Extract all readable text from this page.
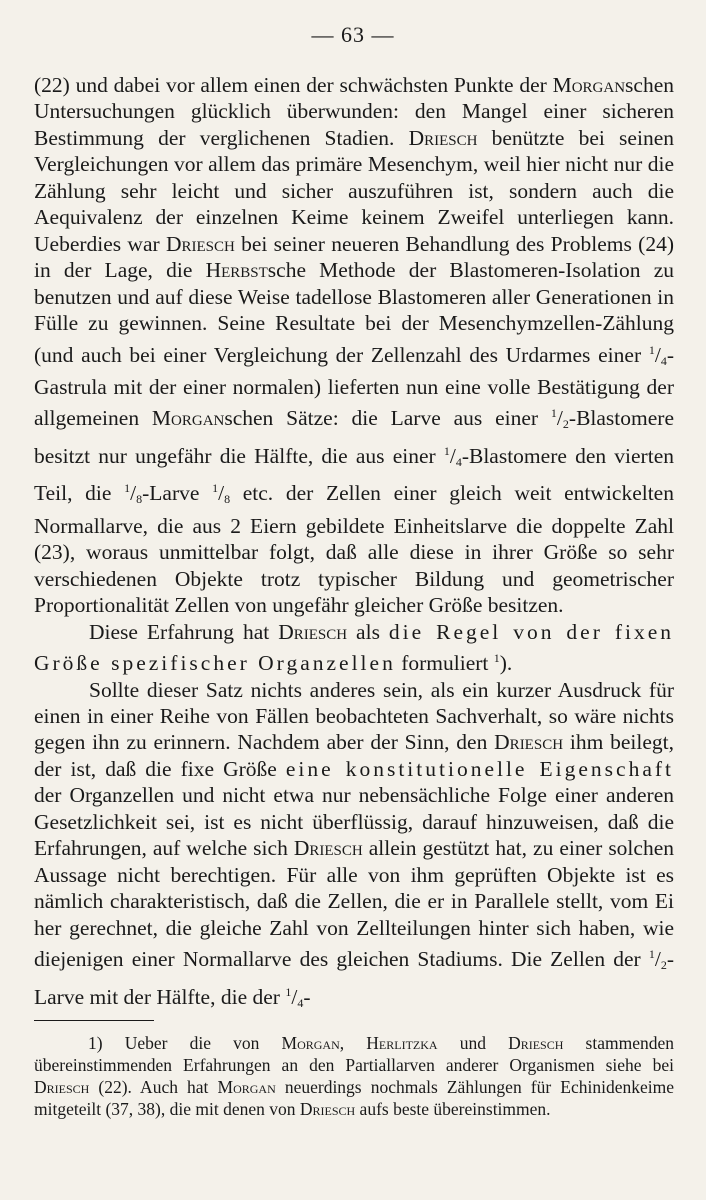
— 63 —

(22) und dabei vor allem einen der schwächsten Punkte der Morganschen Untersuchungen glücklich überwunden: den Mangel einer sicheren Bestimmung der verglichenen Stadien. Driesch benützte bei seinen Vergleichungen vor allem das primäre Mesenchym, weil hier nicht nur die Zählung sehr leicht und sicher auszuführen ist, sondern auch die Aequivalenz der einzelnen Keime keinem Zweifel unterliegen kann. Ueberdies war Driesch bei seiner neueren Behandlung des Problems (24) in der Lage, die Herbstsche Methode der Blastomeren-Isolation zu benutzen und auf diese Weise tadellose Blastomeren aller Generationen in Fülle zu gewinnen. Seine Resultate bei der Mesenchymzellen-Zählung (und auch bei einer Vergleichung der Zellenzahl des Urdarmes einer $^1/_4$-Gastrula mit der einer normalen) lieferten nun eine volle Bestätigung der allgemeinen Morganschen Sätze: die Larve aus einer $^1/_2$-Blastomere besitzt nur ungefähr die Hälfte, die aus einer $^1/_4$-Blastomere den vierten Teil, die $^1/_8$-Larve $^1/_8$ etc. der Zellen einer gleich weit entwickelten Normallarve, die aus 2 Eiern gebildete Einheitslarve die doppelte Zahl (23), woraus unmittelbar folgt, daß alle diese in ihrer Größe so sehr verschiedenen Objekte trotz typischer Bildung und geometrischer Proportionalität Zellen von ungefähr gleicher Größe besitzen.

Diese Erfahrung hat Driesch als die Regel von der fixen Größe spezifischer Organzellen formuliert $^1$).

Sollte dieser Satz nichts anderes sein, als ein kurzer Ausdruck für einen in einer Reihe von Fällen beobachteten Sachverhalt, so wäre nichts gegen ihn zu erinnern. Nachdem aber der Sinn, den Driesch ihm beilegt, der ist, daß die fixe Größe eine konstitutionelle Eigenschaft der Organzellen und nicht etwa nur nebensächliche Folge einer anderen Gesetzlichkeit sei, ist es nicht überflüssig, darauf hinzuweisen, daß die Erfahrungen, auf welche sich Driesch allein gestützt hat, zu einer solchen Aussage nicht berechtigen. Für alle von ihm geprüften Objekte ist es nämlich charakteristisch, daß die Zellen, die er in Parallele stellt, vom Ei her gerechnet, die gleiche Zahl von Zellteilungen hinter sich haben, wie diejenigen einer Normallarve des gleichen Stadiums. Die Zellen der $^1/_2$-Larve mit der Hälfte, die der $^1/_4-$

1) Ueber die von Morgan, Herlitzka und Driesch stammenden übereinstimmenden Erfahrungen an den Partiallarven anderer Organismen siehe bei Driesch (22). Auch hat Morgan neuerdings nochmals Zählungen für Echinidenkeime mitgeteilt (37, 38), die mit denen von Driesch aufs beste übereinstimmen.
